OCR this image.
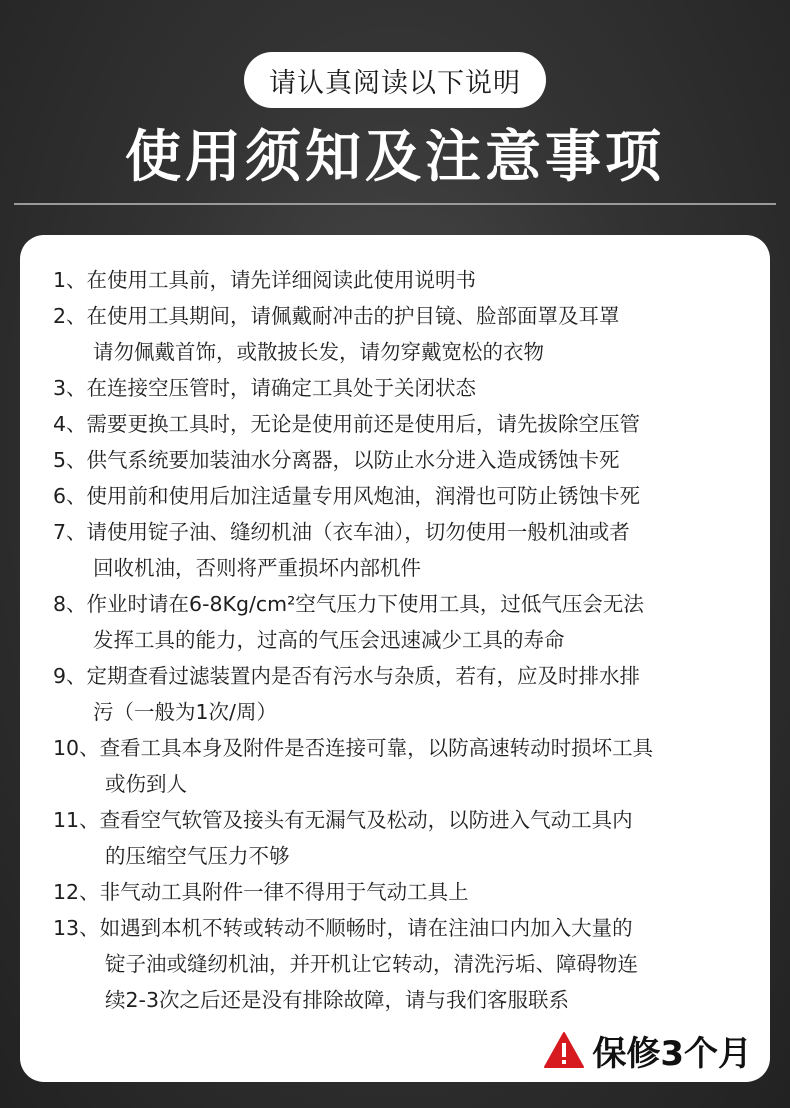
请认真阅读以下说明
使用须知及注意事项
1、在使用工具前，请先详细阅读此使用说明书
2、在使用工具期间，请佩戴耐冲击的护目镜、脸部面罩及耳罩
请勿佩戴首饰，或散披长发，请勿穿戴宽松的衣物
3、在连接空压管时，请确定工具处于关闭状态
4、需要更换工具时，无论是使用前还是使用后，请先拔除空压管
5、供气系统要加装油水分离器，以防止水分进入造成锈蚀卡死
6、使用前和使用后加注适量专用风炮油，润滑也可防止锈蚀卡死
7、请使用锭子油、缝纫机油（衣车油），切勿使用一般机油或者
回收机油，否则将严重损坏内部机件
8、作业时请在6-8Kg/cm²空气压力下使用工具，过低气压会无法
发挥工具的能力，过高的气压会迅速减少工具的寿命
9、定期查看过滤装置内是否有污水与杂质，若有，应及时排水排
污（一般为1次/周）
10、查看工具本身及附件是否连接可靠，以防高速转动时损坏工具
或伤到人
11、查看空气软管及接头有无漏气及松动，以防进入气动工具内
的压缩空气压力不够
12、非气动工具附件一律不得用于气动工具上
13、如遇到本机不转或转动不顺畅时，请在注油口内加入大量的
锭子油或缝纫机油，并开机让它转动，清洗污垢、障碍物连
续2-3次之后还是没有排除故障，请与我们客服联系
保修3个月
